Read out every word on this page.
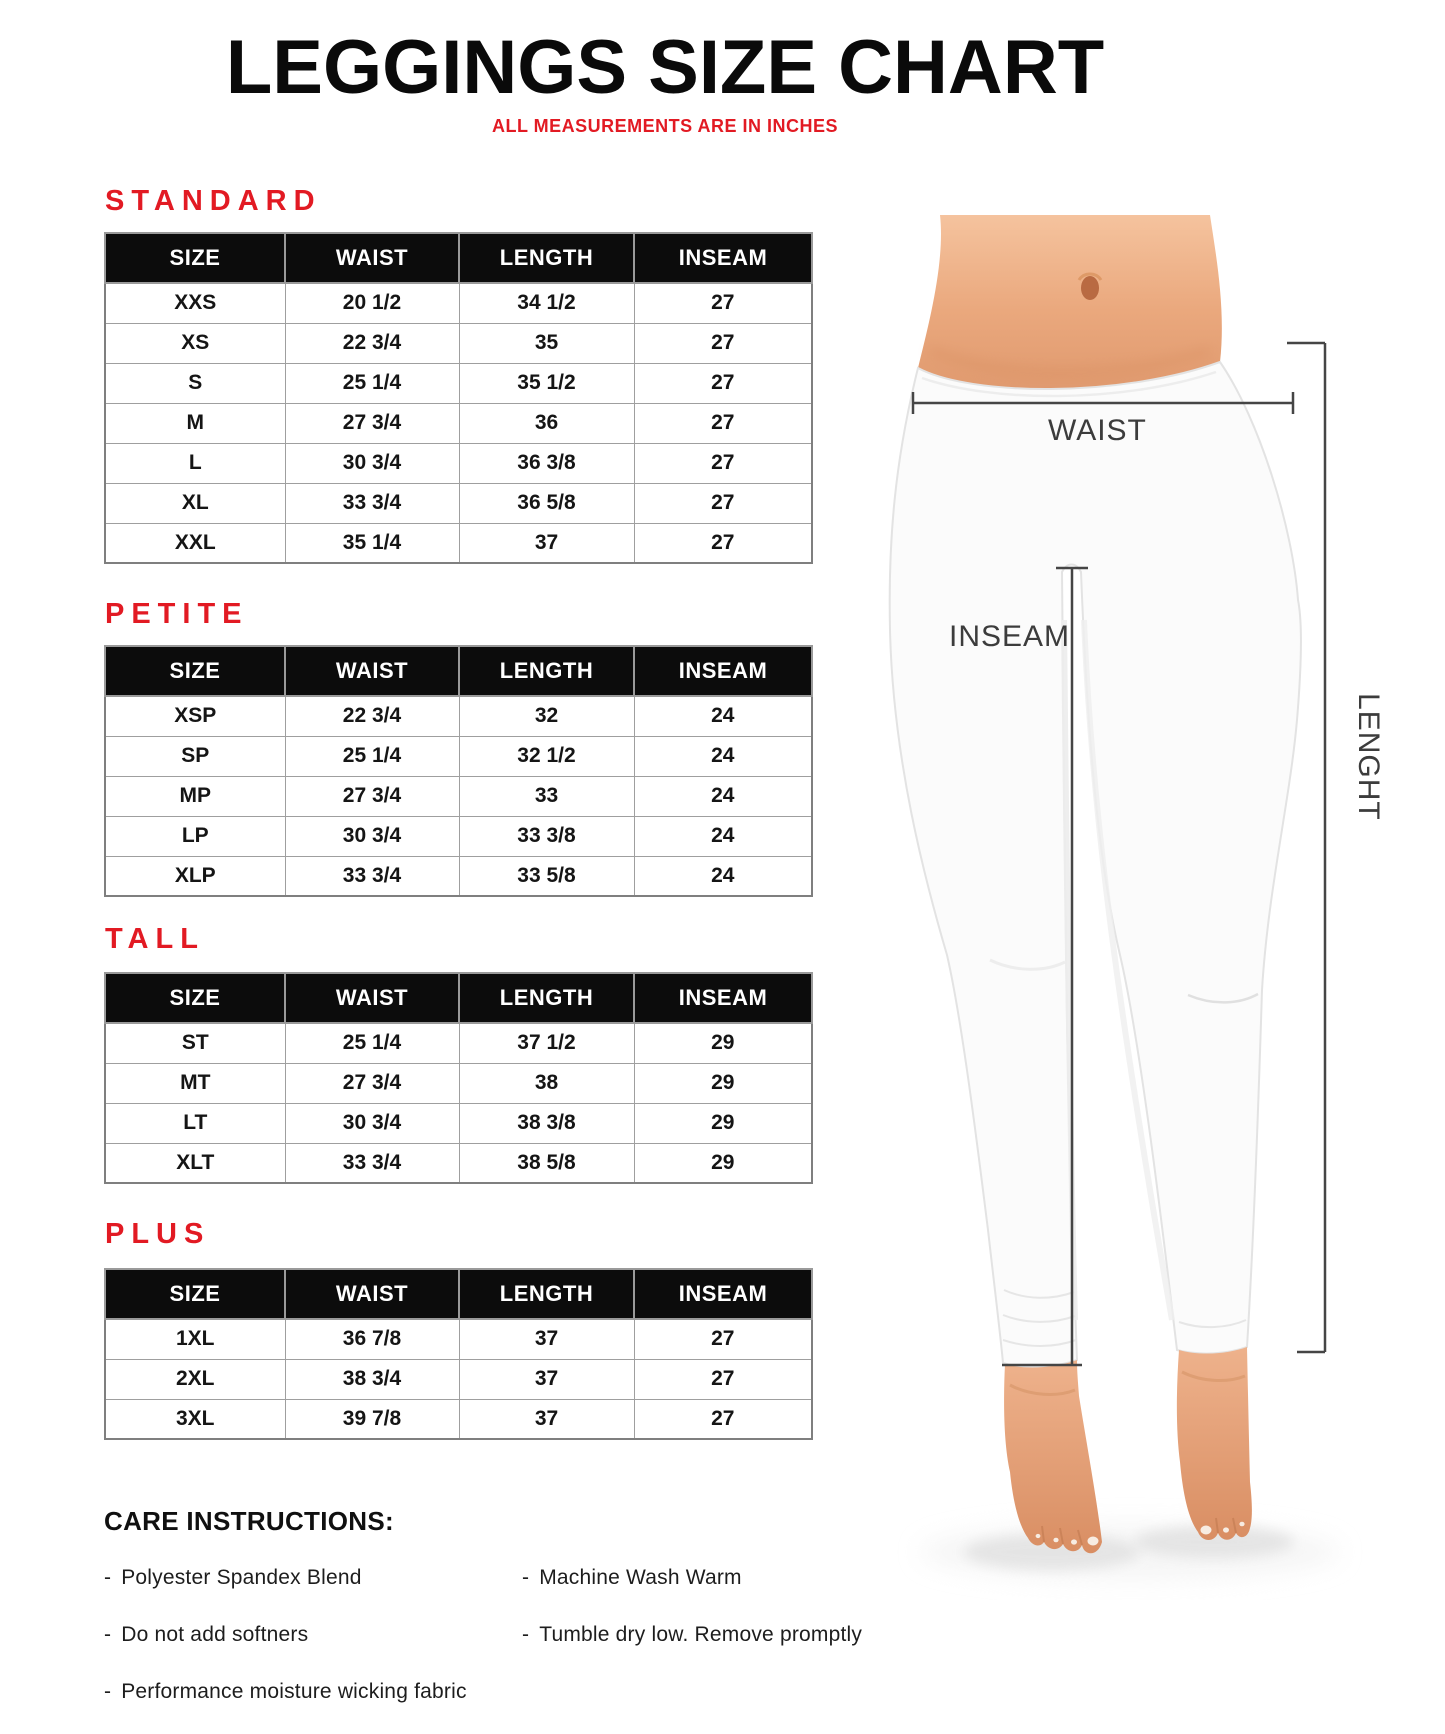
LEGGINGS SIZE CHART
ALL MEASUREMENTS ARE IN INCHES
STANDARD
SIZE	WAIST	LENGTH	INSEAM
XXS	20 1/2	34 1/2	27
XS	22 3/4	35	27
S	25 1/4	35 1/2	27
M	27 3/4	36	27
L	30 3/4	36 3/8	27
XL	33 3/4	36 5/8	27
XXL	35 1/4	37	27
PETITE
SIZE	WAIST	LENGTH	INSEAM
XSP	22 3/4	32	24
SP	25 1/4	32 1/2	24
MP	27 3/4	33	24
LP	30 3/4	33 3/8	24
XLP	33 3/4	33 5/8	24
TALL
SIZE	WAIST	LENGTH	INSEAM
ST	25 1/4	37 1/2	29
MT	27 3/4	38	29
LT	30 3/4	38 3/8	29
XLT	33 3/4	38 5/8	29
PLUS
SIZE	WAIST	LENGTH	INSEAM
1XL	36 7/8	37	27
2XL	38 3/4	37	27
3XL	39 7/8	37	27
CARE INSTRUCTIONS:
- Polyester Spandex Blend
- Do not add softners
- Performance moisture wicking fabric
- Machine Wash Warm
- Tumble dry low. Remove promptly
WAIST
INSEAM
LENGHT
